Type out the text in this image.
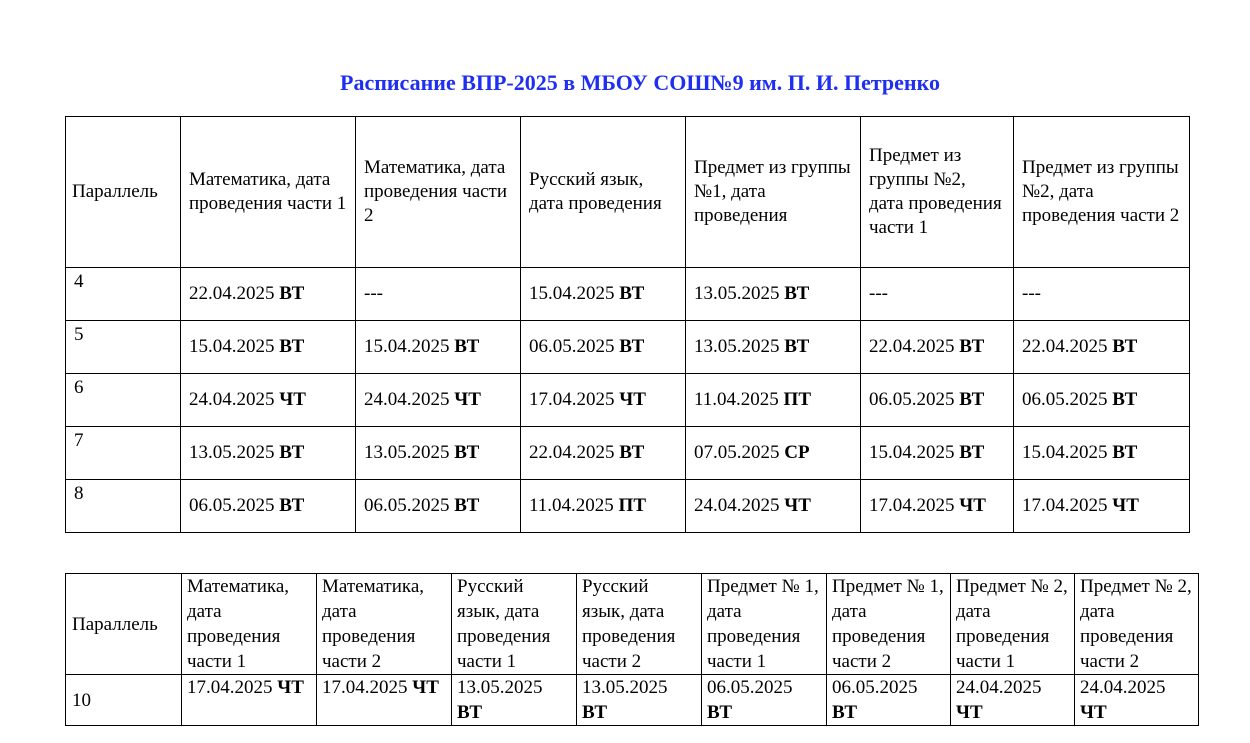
Расписание ВПР-2025 в МБОУ СОШ№9 им. П. И. Петренко
Параллель	Математика, дата проведения части 1	Математика, дата проведения части 2	Русский язык, дата проведения	Предмет из группы №1, дата проведения	Предмет из группы №2, дата проведения части 1	Предмет из группы №2, дата проведения части 2
4	22.04.2025 ВТ	---	15.04.2025 ВТ	13.05.2025 ВТ	---	---
5	15.04.2025 ВТ	15.04.2025 ВТ	06.05.2025 ВТ	13.05.2025 ВТ	22.04.2025 ВТ	22.04.2025 ВТ
6	24.04.2025 ЧТ	24.04.2025 ЧТ	17.04.2025 ЧТ	11.04.2025 ПТ	06.05.2025 ВТ	06.05.2025 ВТ
7	13.05.2025 ВТ	13.05.2025 ВТ	22.04.2025 ВТ	07.05.2025 СР	15.04.2025 ВТ	15.04.2025 ВТ
8	06.05.2025 ВТ	06.05.2025 ВТ	11.04.2025 ПТ	24.04.2025 ЧТ	17.04.2025 ЧТ	17.04.2025 ЧТ
Параллель	Математика, дата проведения части 1	Математика, дата проведения части 2	Русский язык, дата проведения части 1	Русский язык, дата проведения части 2	Предмет № 1, дата проведения части 1	Предмет № 1, дата проведения части 2	Предмет № 2, дата проведения части 1	Предмет № 2, дата проведения части 2
10	17.04.2025 ЧТ	17.04.2025 ЧТ	13.05.2025 ВТ	13.05.2025 ВТ	06.05.2025 ВТ	06.05.2025 ВТ	24.04.2025 ЧТ	24.04.2025 ЧТ
